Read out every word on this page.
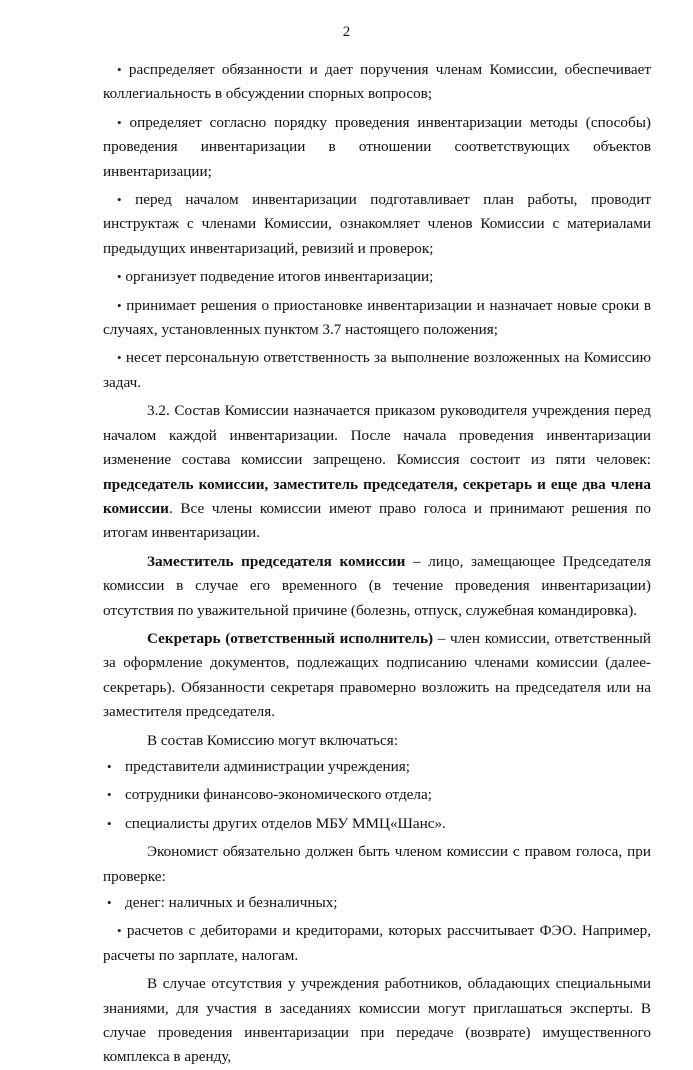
2

• распределяет обязанности и дает поручения членам Комиссии, обеспечивает коллегиальность в обсуждении спорных вопросов;

• определяет согласно порядку проведения инвентаризации методы (способы) проведения инвентаризации в отношении соответствующих объектов инвентаризации;

• перед началом инвентаризации подготавливает план работы, проводит инструктаж с членами Комиссии, ознакомляет членов Комиссии с материалами предыдущих инвентаризаций, ревизий и проверок;

• организует подведение итогов инвентаризации;

• принимает решения о приостановке инвентаризации и назначает новые сроки в случаях, установленных пунктом 3.7 настоящего положения;

• несет персональную ответственность за выполнение возложенных на Комиссию задач.

3.2. Состав Комиссии назначается приказом руководителя учреждения перед началом каждой инвентаризации. После начала проведения инвентаризации изменение состава комиссии запрещено. Комиссия состоит из пяти человек: председатель комиссии, заместитель председателя, секретарь и еще два члена комиссии. Все члены комиссии имеют право голоса и принимают решения по итогам инвентаризации.

Заместитель председателя комиссии – лицо, замещающее Председателя комиссии в случае его временного (в течение проведения инвентаризации) отсутствия по уважительной причине (болезнь, отпуск, служебная командировка).

Секретарь (ответственный исполнитель) – член комиссии, ответственный за оформление документов, подлежащих подписанию членами комиссии (далее-секретарь). Обязанности секретаря правомерно возложить на председателя или на заместителя председателя.

В состав Комиссию могут включаться:

• представители администрации учреждения;

• сотрудники финансово-экономического отдела;

• специалисты других отделов МБУ ММЦ«Шанс».

Экономист обязательно должен быть членом комиссии с правом голоса, при проверке:

• денег: наличных и безналичных;

• расчетов с дебиторами и кредиторами, которых рассчитывает ФЭО. Например, расчеты по зарплате, налогам.

В случае отсутствия у учреждения работников, обладающих специальными знаниями, для участия в заседаниях комиссии могут приглашаться эксперты. В случае проведения инвентаризации при передаче (возврате) имущественного комплекса в аренду,
